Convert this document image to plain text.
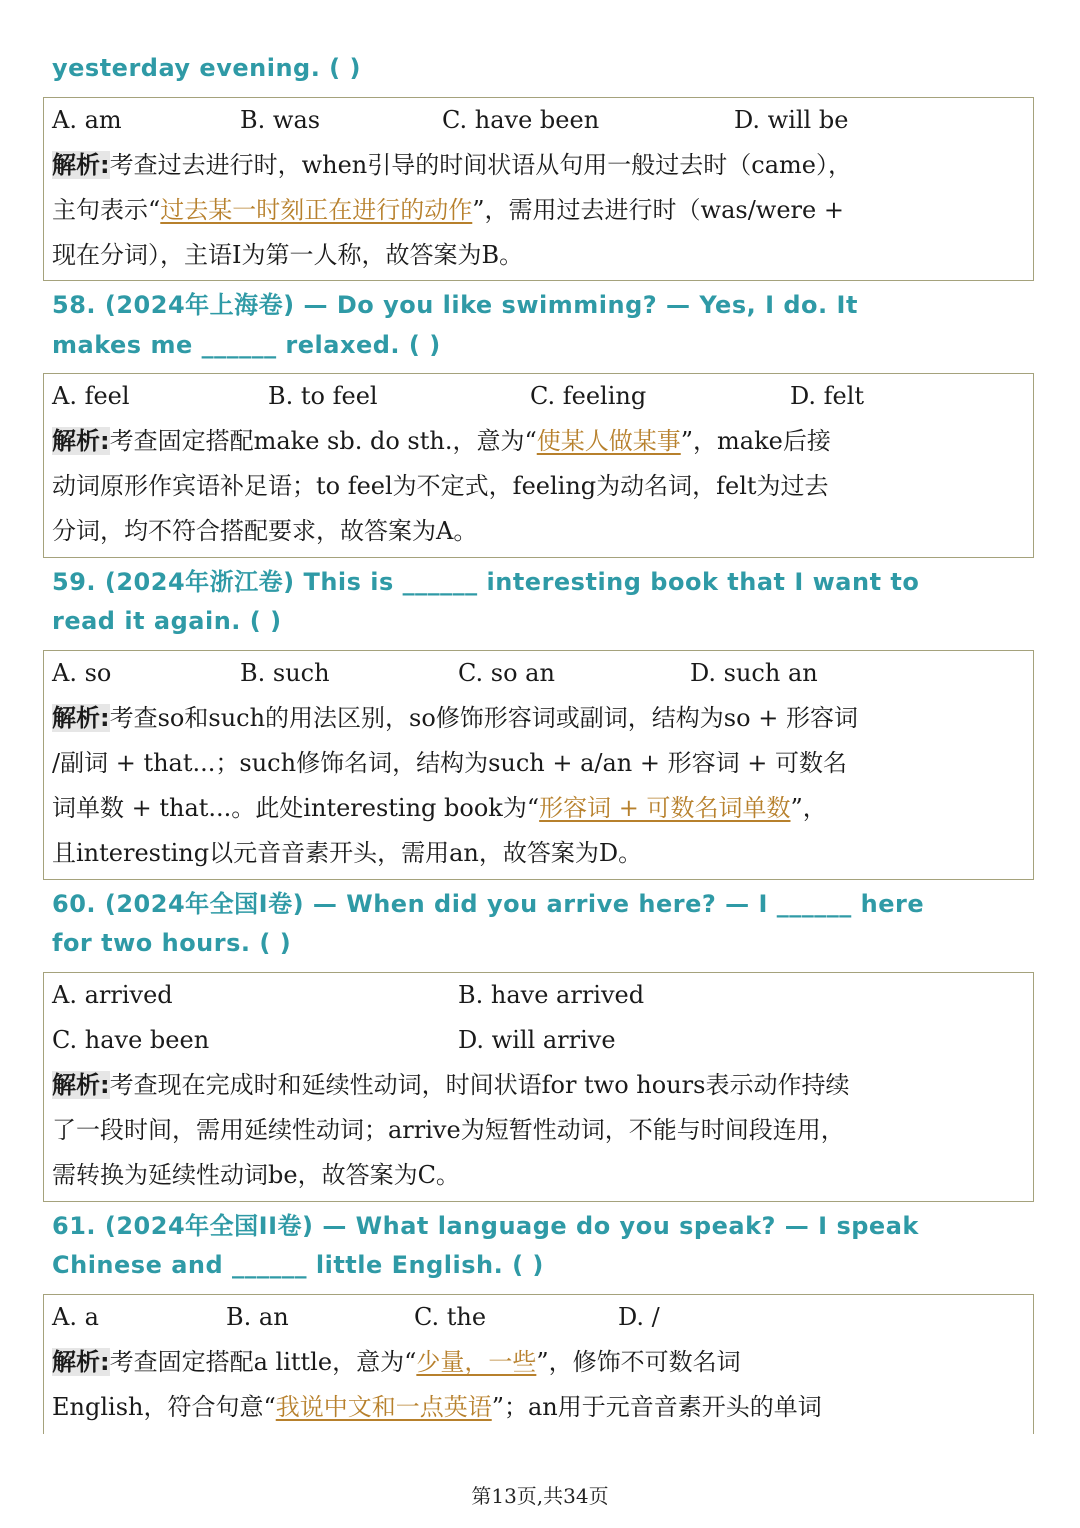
yesterday evening. ( )

A. am	B. was	C. have been	D. will be
解析:考查过去进行时，when引导的时间状语从句用一般过去时（came），
主句表示“过去某一时刻正在进行的动作”，需用过去进行时（was/were +
现在分词），主语I为第一人称，故答案为B。

58. (2024年上海卷) — Do you like swimming? — Yes, I do. It

makes me ______ relaxed. ( )

A. feel	B. to feel	C. feeling	D. felt
解析:考查固定搭配make sb. do sth.，意为“使某人做某事”，make后接
动词原形作宾语补足语；to feel为不定式，feeling为动名词，felt为过去
分词，均不符合搭配要求，故答案为A。

59. (2024年浙江卷) This is ______ interesting book that I want to

read it again. ( )

A. so	B. such	C. so an	D. such an
解析:考查so和such的用法区别，so修饰形容词或副词，结构为so + 形容词
/副词 + that...；such修饰名词，结构为such + a/an + 形容词 + 可数名
词单数 + that...。此处interesting book为“形容词 + 可数名词单数”，
且interesting以元音音素开头，需用an，故答案为D。

60. (2024年全国I卷) — When did you arrive here? — I ______ here

for two hours. ( )

A. arrived	B. have arrived
C. have been	D. will arrive
解析:考查现在完成时和延续性动词，时间状语for two hours表示动作持续
了一段时间，需用延续性动词；arrive为短暂性动词，不能与时间段连用，
需转换为延续性动词be，故答案为C。

61. (2024年全国II卷) — What language do you speak? — I speak

Chinese and ______ little English. ( )

A. a	B. an	C. the	D. /
解析:考查固定搭配a little，意为“少量，一些”，修饰不可数名词
English，符合句意“我说中文和一点英语”；an用于元音音素开头的单词
第13页,共34页
